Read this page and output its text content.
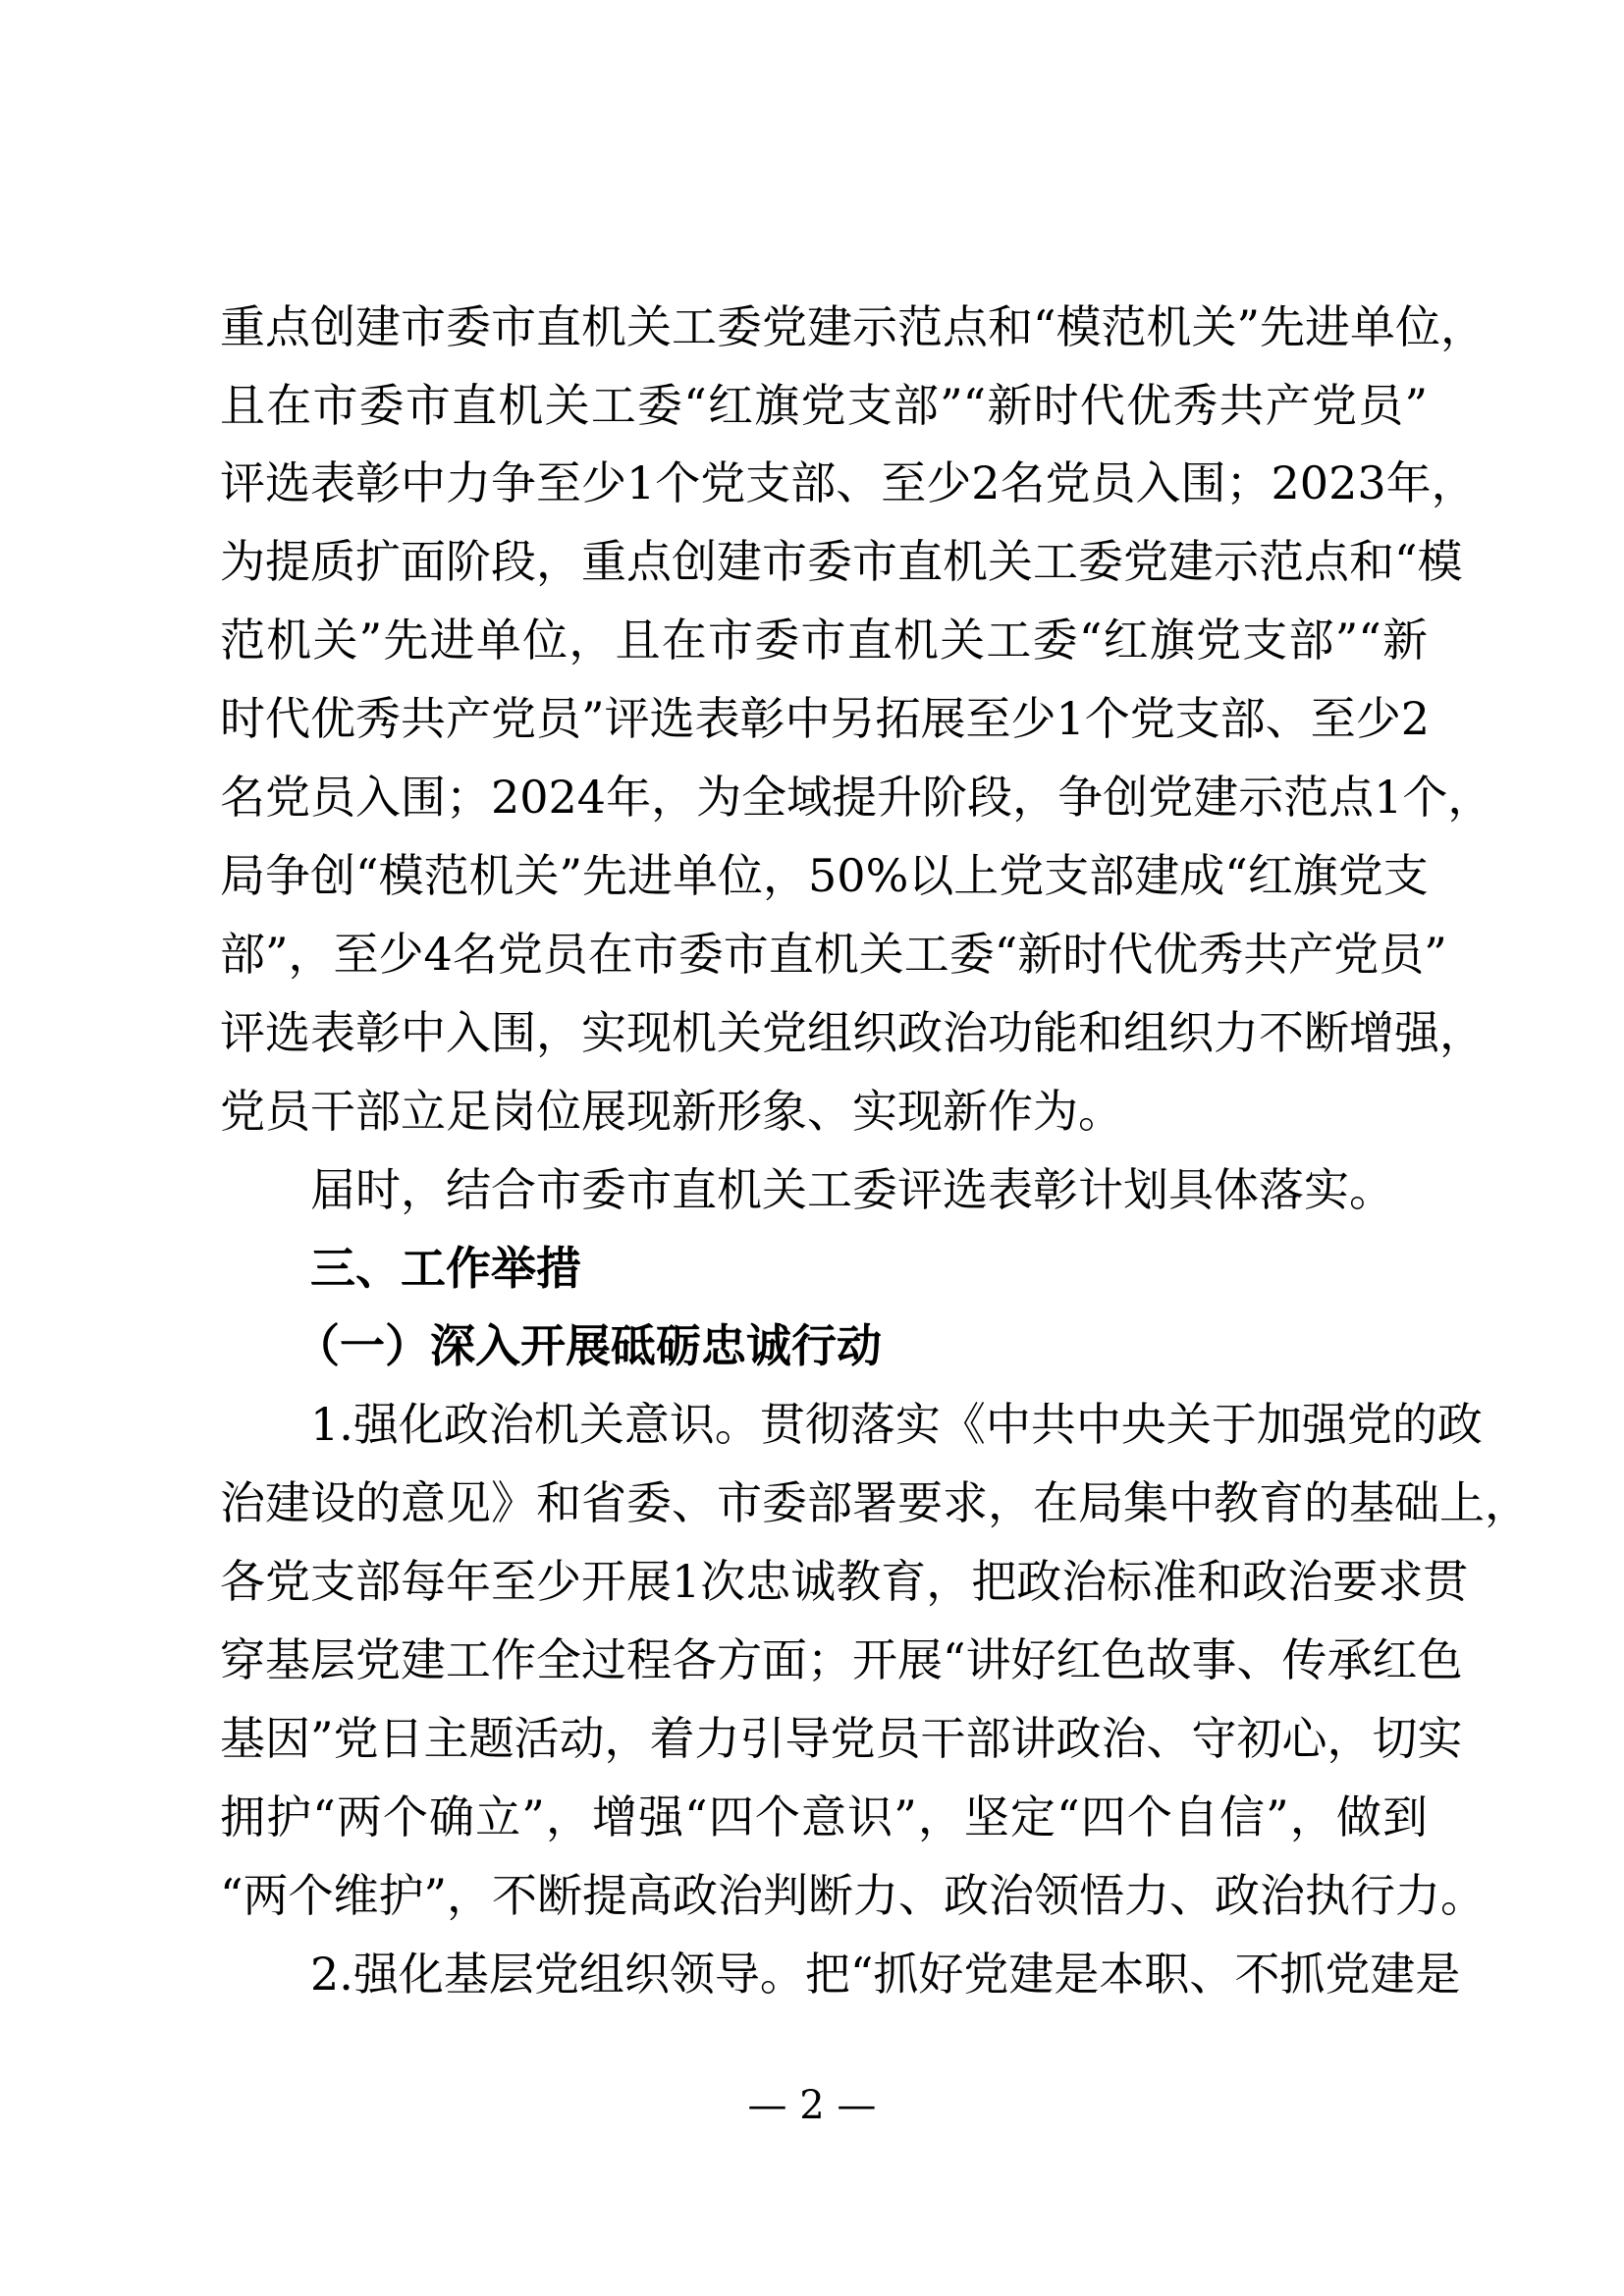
重点创建市委市直机关工委党建示范点和“模范机关”先进单位，
且在市委市直机关工委“红旗党支部”“新时代优秀共产党员”
评选表彰中力争至少1个党支部、至少2名党员入围；2023年，
为提质扩面阶段，重点创建市委市直机关工委党建示范点和“模
范机关”先进单位，且在市委市直机关工委“红旗党支部”“新
时代优秀共产党员”评选表彰中另拓展至少1个党支部、至少2
名党员入围；2024年，为全域提升阶段，争创党建示范点1个，
局争创“模范机关”先进单位，50%以上党支部建成“红旗党支
部”，至少4名党员在市委市直机关工委“新时代优秀共产党员”
评选表彰中入围，实现机关党组织政治功能和组织力不断增强，
党员干部立足岗位展现新形象、实现新作为。
届时，结合市委市直机关工委评选表彰计划具体落实。
三、工作举措
（一）深入开展砥砺忠诚行动
1.强化政治机关意识。贯彻落实《中共中央关于加强党的政
治建设的意见》和省委、市委部署要求，在局集中教育的基础上，
各党支部每年至少开展1次忠诚教育，把政治标准和政治要求贯
穿基层党建工作全过程各方面；开展“讲好红色故事、传承红色
基因”党日主题活动，着力引导党员干部讲政治、守初心，切实
拥护“两个确立”，增强“四个意识”，坚定“四个自信”，做到
“两个维护”，不断提高政治判断力、政治领悟力、政治执行力。
2.强化基层党组织领导。把“抓好党建是本职、不抓党建是
— 2 —
